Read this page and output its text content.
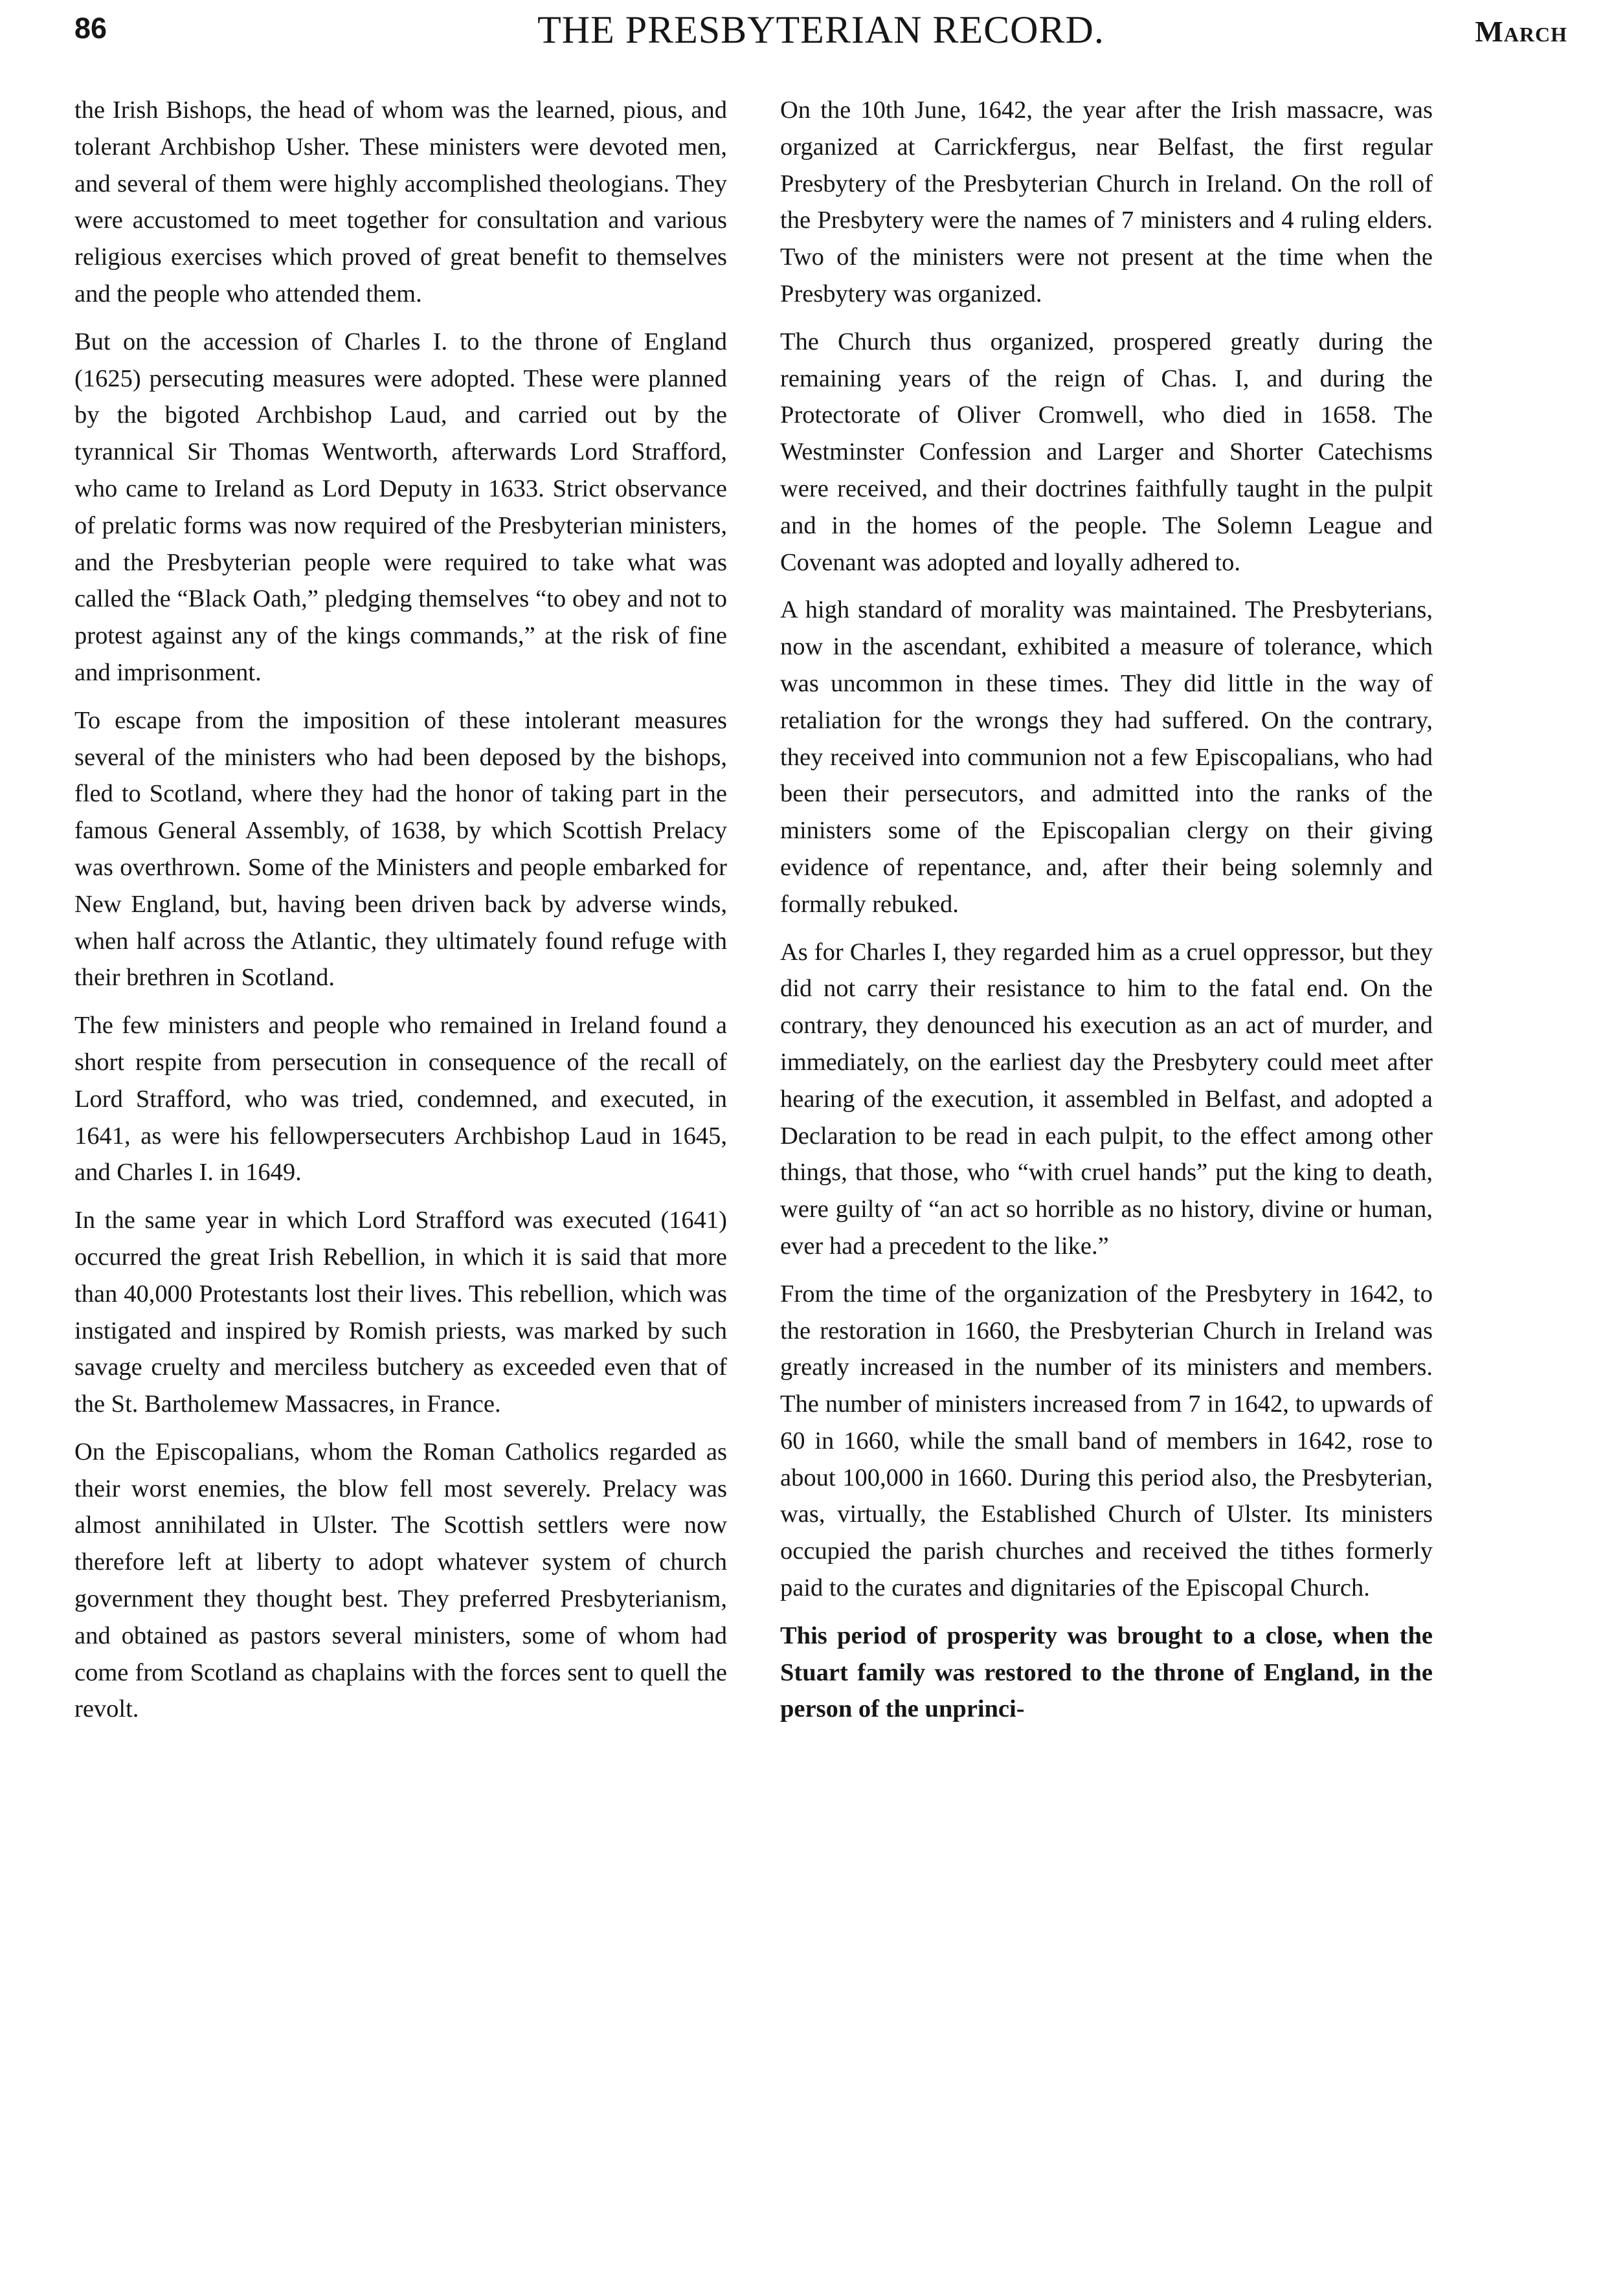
86	THE PRESBYTERIAN RECORD.	March

the Irish Bishops, the head of whom was the learned, pious, and tolerant Archbishop Usher. These ministers were devoted men, and several of them were highly accomplished theologians. They were accustomed to meet together for consultation and various religious exercises which proved of great benefit to themselves and the people who attended them.

But on the accession of Charles I. to the throne of England (1625) persecuting measures were adopted. These were planned by the bigoted Archbishop Laud, and carried out by the tyrannical Sir Thomas Wentworth, afterwards Lord Strafford, who came to Ireland as Lord Deputy in 1633. Strict observance of prelatic forms was now required of the Presbyterian ministers, and the Presbyterian people were required to take what was called the “Black Oath,” pledging themselves “to obey and not to protest against any of the kings commands,” at the risk of fine and imprisonment.

To escape from the imposition of these intolerant measures several of the ministers who had been deposed by the bishops, fled to Scotland, where they had the honor of taking part in the famous General Assembly, of 1638, by which Scottish Prelacy was overthrown. Some of the Ministers and people embarked for New England, but, having been driven back by adverse winds, when half across the Atlantic, they ultimately found refuge with their brethren in Scotland.

The few ministers and people who remained in Ireland found a short respite from persecution in consequence of the recall of Lord Strafford, who was tried, condemned, and executed, in 1641, as were his fellowpersecuters Archbishop Laud in 1645, and Charles I. in 1649.

In the same year in which Lord Strafford was executed (1641) occurred the great Irish Rebellion, in which it is said that more than 40,000 Protestants lost their lives. This rebellion, which was instigated and inspired by Romish priests, was marked by such savage cruelty and merciless butchery as exceeded even that of the St. Bartholemew Massacres, in France.

On the Episcopalians, whom the Roman Catholics regarded as their worst enemies, the blow fell most severely. Prelacy was almost annihilated in Ulster. The Scottish settlers were now therefore left at liberty to adopt whatever system of church government they thought best. They preferred Presbyterianism, and obtained as pastors several ministers, some of whom had come from Scotland as chaplains with the forces sent to quell the revolt.

On the 10th June, 1642, the year after the Irish massacre, was organized at Carrickfergus, near Belfast, the first regular Presbytery of the Presbyterian Church in Ireland. On the roll of the Presbytery were the names of 7 ministers and 4 ruling elders. Two of the ministers were not present at the time when the Presbytery was organized.

The Church thus organized, prospered greatly during the remaining years of the reign of Chas. I, and during the Protectorate of Oliver Cromwell, who died in 1658. The Westminster Confession and Larger and Shorter Catechisms were received, and their doctrines faithfully taught in the pulpit and in the homes of the people. The Solemn League and Covenant was adopted and loyally adhered to.

A high standard of morality was maintained. The Presbyterians, now in the ascendant, exhibited a measure of tolerance, which was uncommon in these times. They did little in the way of retaliation for the wrongs they had suffered. On the contrary, they received into communion not a few Episcopalians, who had been their persecutors, and admitted into the ranks of the ministers some of the Episcopalian clergy on their giving evidence of repentance, and, after their being solemnly and formally rebuked.

As for Charles I, they regarded him as a cruel oppressor, but they did not carry their resistance to him to the fatal end. On the contrary, they denounced his execution as an act of murder, and immediately, on the earliest day the Presbytery could meet after hearing of the execution, it assembled in Belfast, and adopted a Declaration to be read in each pulpit, to the effect among other things, that those, who “with cruel hands” put the king to death, were guilty of “an act so horrible as no history, divine or human, ever had a precedent to the like.”

From the time of the organization of the Presbytery in 1642, to the restoration in 1660, the Presbyterian Church in Ireland was greatly increased in the number of its ministers and members. The number of ministers increased from 7 in 1642, to upwards of 60 in 1660, while the small band of members in 1642, rose to about 100,000 in 1660. During this period also, the Presbyterian, was, virtually, the Established Church of Ulster. Its ministers occupied the parish churches and received the tithes formerly paid to the curates and dignitaries of the Episcopal Church.

This period of prosperity was brought to a close, when the Stuart family was restored to the throne of England, in the person of the unprinci-
